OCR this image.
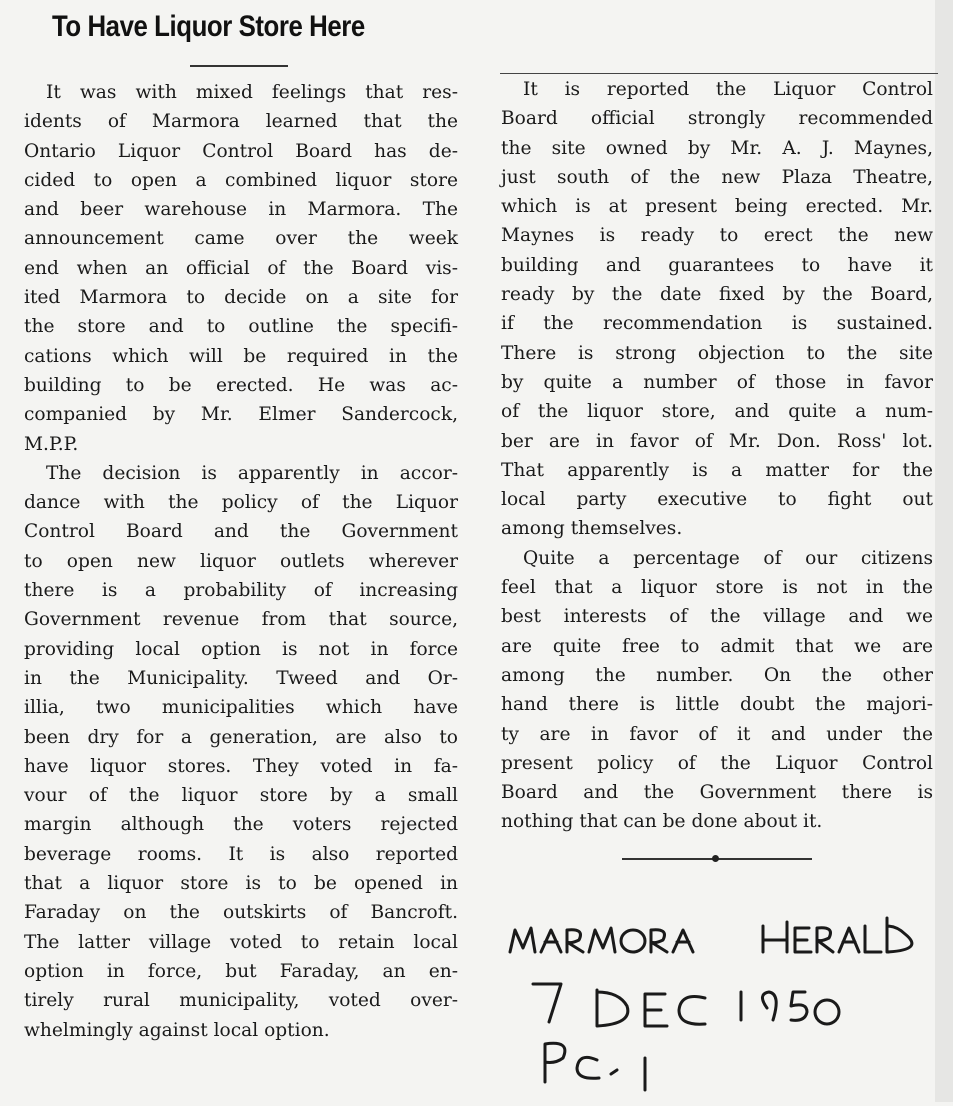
To Have Liquor Store Here
It was with mixed feelings that res-
idents of Marmora learned that the
Ontario Liquor Control Board has de-
cided to open a combined liquor store
and beer warehouse in Marmora. The
announcement came over the week
end when an official of the Board vis-
ited Marmora to decide on a site for
the store and to outline the specifi-
cations which will be required in the
building to be erected. He was ac-
companied by Mr. Elmer Sandercock,
M.P.P.
The decision is apparently in accor-
dance with the policy of the Liquor
Control Board and the Government
to open new liquor outlets wherever
there is a probability of increasing
Government revenue from that source,
providing local option is not in force
in the Municipality. Tweed and Or-
illia, two municipalities which have
been dry for a generation, are also to
have liquor stores. They voted in fa-
vour of the liquor store by a small
margin although the voters rejected
beverage rooms. It is also reported
that a liquor store is to be opened in
Faraday on the outskirts of Bancroft.
The latter village voted to retain local
option in force, but Faraday, an en-
tirely rural municipality, voted over-
whelmingly against local option.
It is reported the Liquor Control
Board official strongly recommended
the site owned by Mr. A. J. Maynes,
just south of the new Plaza Theatre,
which is at present being erected. Mr.
Maynes is ready to erect the new
building and guarantees to have it
ready by the date fixed by the Board,
if the recommendation is sustained.
There is strong objection to the site
by quite a number of those in favor
of the liquor store, and quite a num-
ber are in favor of Mr. Don. Ross' lot.
That apparently is a matter for the
local party executive to fight out
among themselves.
Quite a percentage of our citizens
feel that a liquor store is not in the
best interests of the village and we
are quite free to admit that we are
among the number. On the other
hand there is little doubt the majori-
ty are in favor of it and under the
present policy of the Liquor Control
Board and the Government there is
nothing that can be done about it.
